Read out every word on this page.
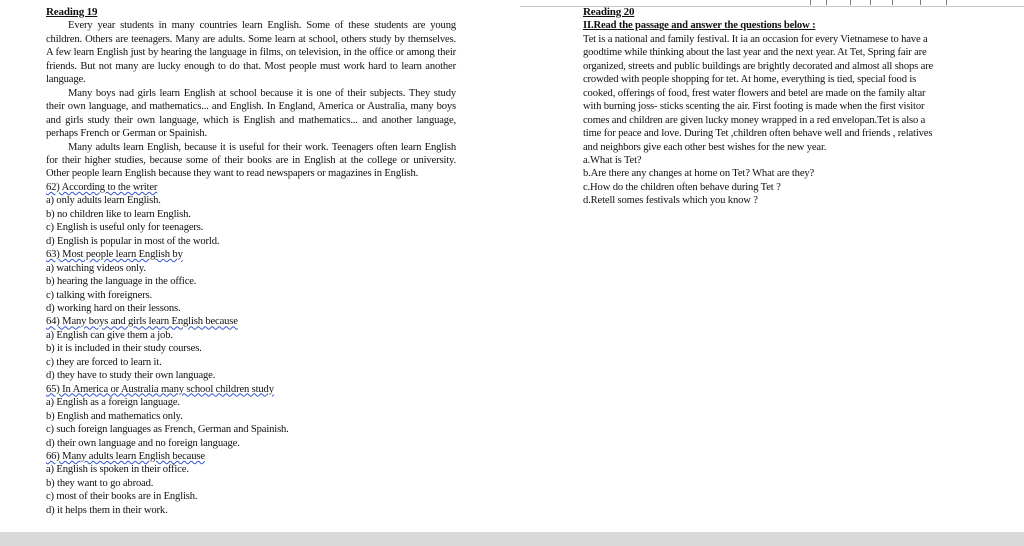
Reading 19

Every year students in many countries learn English. Some of these students are young children. Others are teenagers. Many are adults. Some learn at school, others study by themselves. A few learn English just by hearing the language in films, on television, in the office or among their friends. But not many are lucky enough to do that. Most people must work hard to learn another language.

Many boys nad girls learn English at school because it is one of their subjects. They study their own language, and mathematics... and English. In England, America or Australia, many boys and girls study their own language, which is English and mathematics... and another language, perhaps French or German or Spainish.

Many adults learn English, because it is useful for their work. Teenagers often learn English for their higher studies, because some of their books are in English at the college or university. Other people learn English because they want to read newspapers or magazines in English.

62) According to the writer
a) only adults learn English.
b) no children like to learn English.
c) English is useful only for teenagers.
d) English is popular in most of the world.
63) Most people learn English by
a) watching videos only.
b) hearing the language in the office.
c) talking with foreigners.
d) working hard on their lessons.
64) Many boys and girls learn English because
a) English can give them a job.
b) it is included in their study courses.
c) they are forced to learn it.
d) they have to study their own language.
65) In America or Australia many school children study
a) English as a foreign language.
b) English and mathematics only.
c) such foreign languages as French, German and Spainish.
d) their own language and no foreign language.
66) Many adults learn English because
a) English is spoken in their office.
b) they want to go abroad.
c) most of their books are in English.
d) it helps them in their work.
Reading 20
II.Read the passage and answer the questions below :
Tet is a national and family festival. It ia an occasion for every Vietnamese to have a
goodtime while thinking about the last year and the next year. At Tet, Spring fair are
organized, streets and public buildings are brightly decorated and almost all shops are
crowded with people shopping for tet. At home, everything is tied, special food is
cooked, offerings of food, frest water flowers and betel are made on the family altar
with burning joss- sticks scenting the air. First footing is made when the first visitor
comes and children are given lucky money wrapped in a red envelopan.Tet is also a
time for peace and love. During Tet ,children often behave well and friends , relatives
and neighbors give each other best wishes for the new year.
a.What is Tet?
b.Are there any changes at home on Tet? What are they?
c.How do the children often behave during Tet ?
d.Retell somes festivals which you know ?
